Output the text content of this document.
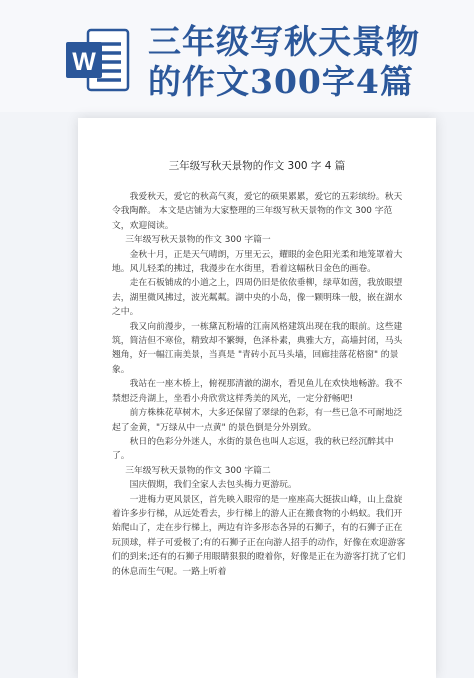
W
三年级写秋天景物
的作文300字4篇
三年级写秋天景物的作文 300 字 4 篇

我爱秋天，爱它的秋高气爽，爱它的硕果累累，爱它的五彩缤纷。秋天令我陶醉。 本文是店铺为大家整理的三年级写秋天景物的作文 300 字范文，欢迎阅读。

三年级写秋天景物的作文 300 字篇一

金秋十月，正是天气晴朗，万里无云，耀眼的金色阳光柔和地笼罩着大地。风儿轻柔的拂过，我漫步在水街里，看着这幅秋日金色的画卷。

走在石板铺成的小道之上，四周仍旧是依依垂柳，绿草如茵，我放眼望去，湖里微风拂过，波光粼粼。湖中央的小岛，像一颗明珠一般，嵌在湖水之中。

我又向前漫步，一栋黛瓦粉墙的江南风格建筑出现在我的眼前。这些建筑，简洁但不寒俭，精致却不繁缛，色泽朴素，典雅大方，高墙封闭，马头翘角，好一幅江南美景，当真是 "青砖小瓦马头墙，回廊挂落花格窗" 的景象。

我站在一座木桥上，俯视那清澈的湖水，看见鱼儿在欢快地畅游。我不禁想泛舟湖上，坐看小舟欣赏这样秀美的风光，一定分舒畅吧!

前方株株花草树木，大多还保留了翠绿的色彩，有一些已急不可耐地泛起了金黄，"万绿从中一点黄" 的景色倒是分外别致。

秋日的色彩分外迷人，水街的景色也叫人忘返，我的秋已经沉醉其中了。

三年级写秋天景物的作文 300 字篇二

国庆假期，我们全家人去包头梅力更游玩。

一进梅力更风景区，首先映入眼帘的是一座座高大挺拔山峰，山上盘旋着许多步行梯，从远处看去，步行梯上的游人正在搬食物的小蚂蚁。我们开始爬山了，走在步行梯上，两边有许多形态各异的石狮子，有的石狮子正在玩顶球，样子可爱极了;有的石狮子正在向游人招手的动作，好像在欢迎游客们的到来;还有的石狮子用眼睛狠狠的瞪着你，好像是正在为游客打扰了它们的休息而生气呢。一路上听着
